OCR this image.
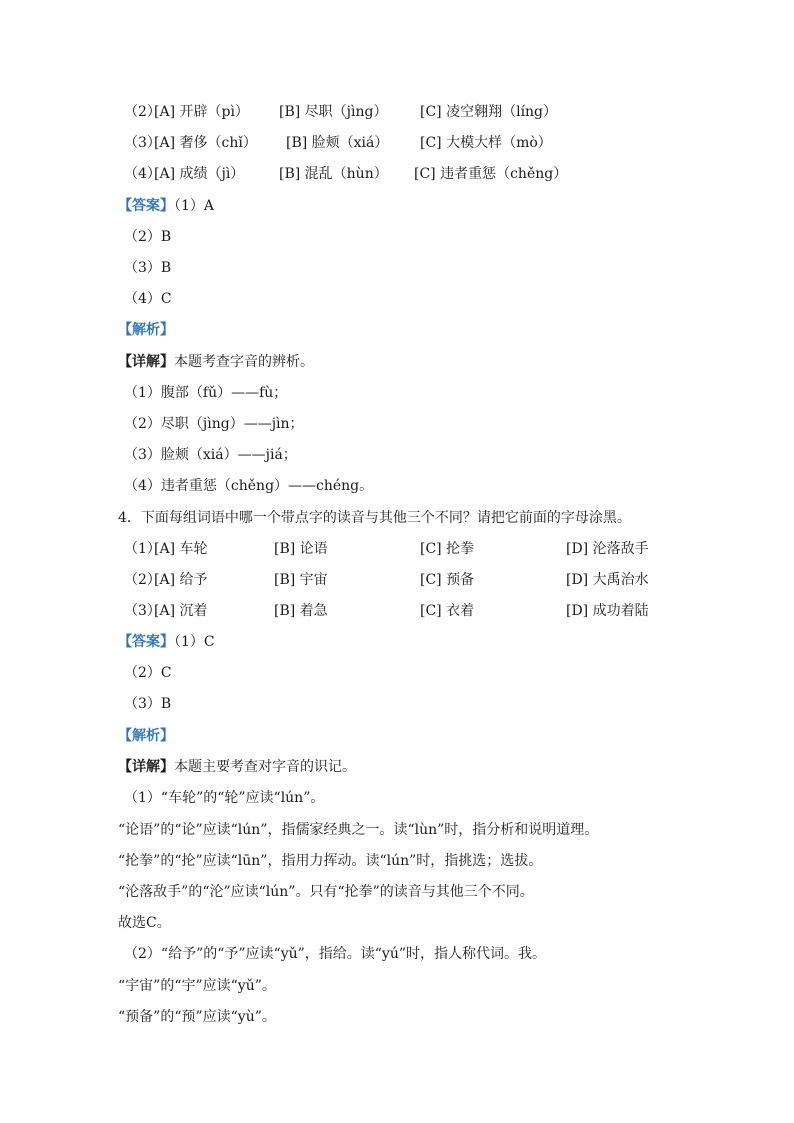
（2）
[A] 开辟（pì） [B] 尽职（jìng） [C] 凌空翱翔（líng）
（3）
[A] 奢侈（chǐ） [B] 脸颊（xiá） [C] 大模大样（mò）
（4）
[A] 成绩（jì） [B] 混乱（hùn） [C] 违者重惩（chěng）
【答案】（1）A
（2）B
（3）B
（4）C
【解析】
【详解】本题考查字音的辨析。
（1）腹部（fǔ）——fù；
（2）尽职（jìng）——jìn；
（3）脸颊（xiá）——jiá；
（4）违者重惩（chěng）——chéng。
4．下面每组词语中哪一个带点字的读音与其他三个不同？请把它前面的字母涂黑。
（1）
[A] 车轮	[B] 论语	[C] 抡拳	[D] 沦落敌手
（2）
[A] 给予	[B] 宇宙	[C] 预备	[D] 大禹治水
（3）
[A] 沉着	[B] 着急	[C] 衣着	[D] 成功着陆
【答案】（1）C
（2）C
（3）B
【解析】
【详解】本题主要考查对字音的识记。
（1）“车轮”的“轮”应读“lún”。
“论语”的“论”应读“lún”，指儒家经典之一。读“lùn”时，指分析和说明道理。
“抡拳”的“抡”应读“lūn”，指用力挥动。读“lún”时，指挑选；选拔。
“沦落敌手”的“沦”应读“lún”。只有“抡拳”的读音与其他三个不同。
故选C。
（2）“给予”的“予”应读“yǔ”，指给。读“yú”时，指人称代词。我。
“宇宙”的“宇”应读“yǔ”。
“预备”的“预”应读“yù”。
